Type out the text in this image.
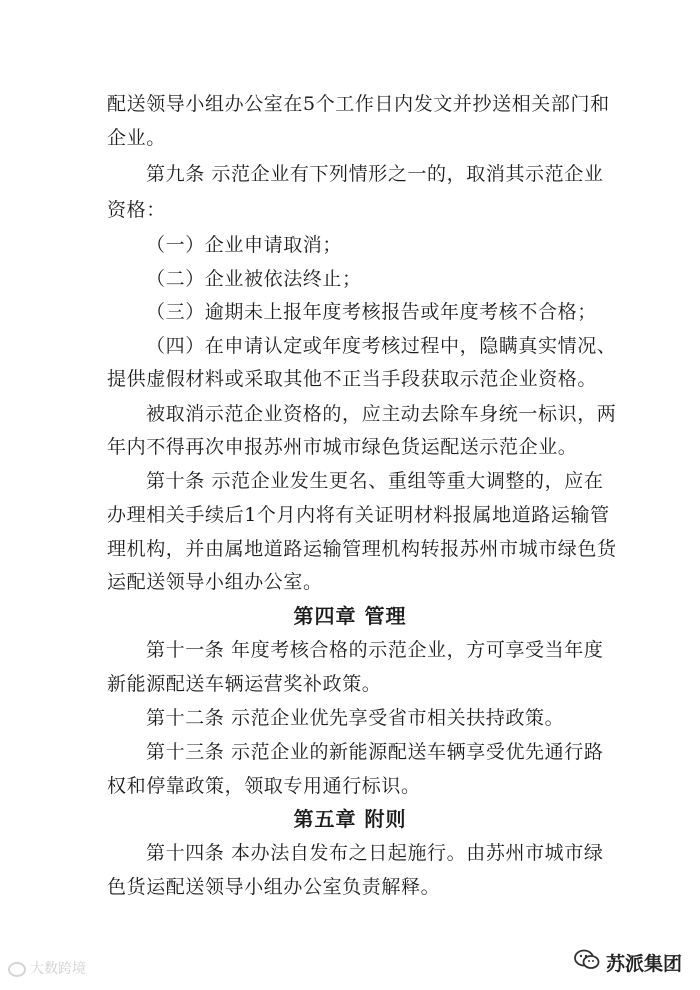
配送领导小组办公室在5个工作日内发文并抄送相关部门和
企业。
第九条 示范企业有下列情形之一的，取消其示范企业
资格：
（一）企业申请取消；
（二）企业被依法终止；
（三）逾期未上报年度考核报告或年度考核不合格；
（四）在申请认定或年度考核过程中，隐瞒真实情况、
提供虚假材料或采取其他不正当手段获取示范企业资格。
被取消示范企业资格的，应主动去除车身统一标识，两
年内不得再次申报苏州市城市绿色货运配送示范企业。
第十条 示范企业发生更名、重组等重大调整的，应在
办理相关手续后1个月内将有关证明材料报属地道路运输管
理机构，并由属地道路运输管理机构转报苏州市城市绿色货
运配送领导小组办公室。
第四章 管理
第十一条 年度考核合格的示范企业，方可享受当年度
新能源配送车辆运营奖补政策。
第十二条 示范企业优先享受省市相关扶持政策。
第十三条 示范企业的新能源配送车辆享受优先通行路
权和停靠政策，领取专用通行标识。
第五章 附则
第十四条 本办法自发布之日起施行。由苏州市城市绿
色货运配送领导小组办公室负责解释。
大数跨境	苏派集团
